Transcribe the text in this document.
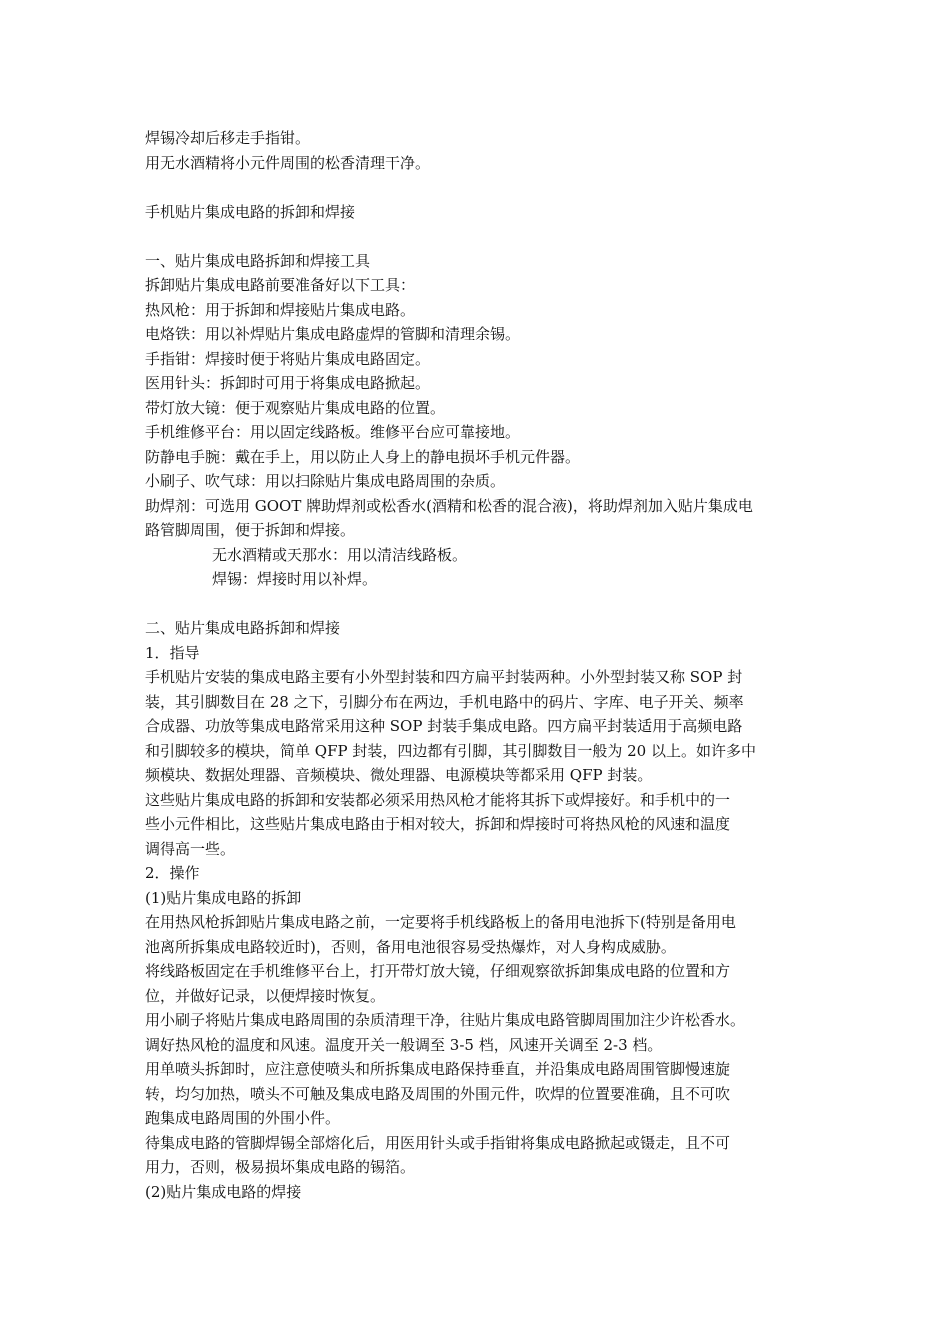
焊锡冷却后移走手指钳。
用无水酒精将小元件周围的松香清理干净。
手机贴片集成电路的拆卸和焊接
一、贴片集成电路拆卸和焊接工具
拆卸贴片集成电路前要准备好以下工具：
热风枪：用于拆卸和焊接贴片集成电路。
电烙铁：用以补焊贴片集成电路虚焊的管脚和清理余锡。
手指钳：焊接时便于将贴片集成电路固定。
医用针头：拆卸时可用于将集成电路掀起。
带灯放大镜：便于观察贴片集成电路的位置。
手机维修平台：用以固定线路板。维修平台应可靠接地。
防静电手腕：戴在手上，用以防止人身上的静电损坏手机元件器。
小刷子、吹气球：用以扫除贴片集成电路周围的杂质。
助焊剂：可选用 GOOT 牌助焊剂或松香水(酒精和松香的混合液)，将助焊剂加入贴片集成电
路管脚周围，便于拆卸和焊接。
无水酒精或天那水：用以清洁线路板。
焊锡：焊接时用以补焊。
二、贴片集成电路拆卸和焊接
1．指导
手机贴片安装的集成电路主要有小外型封装和四方扁平封装两种。小外型封装又称 SOP 封
装，其引脚数目在 28 之下，引脚分布在两边，手机电路中的码片、字库、电子开关、频率
合成器、功放等集成电路常采用这种 SOP 封装手集成电路。四方扁平封装适用于高频电路
和引脚较多的模块，简单 QFP 封装，四边都有引脚，其引脚数目一般为 20 以上。如许多中
频模块、数据处理器、音频模块、微处理器、电源模块等都采用 QFP 封装。
这些贴片集成电路的拆卸和安装都必须采用热风枪才能将其拆下或焊接好。和手机中的一
些小元件相比，这些贴片集成电路由于相对较大，拆卸和焊接时可将热风枪的风速和温度
调得高一些。
2．操作
(1)贴片集成电路的拆卸
在用热风枪拆卸贴片集成电路之前，一定要将手机线路板上的备用电池拆下(特别是备用电
池离所拆集成电路较近时)，否则，备用电池很容易受热爆炸，对人身构成威胁。
将线路板固定在手机维修平台上，打开带灯放大镜，仔细观察欲拆卸集成电路的位置和方
位，并做好记录，以便焊接时恢复。
用小刷子将贴片集成电路周围的杂质清理干净，往贴片集成电路管脚周围加注少许松香水。
调好热风枪的温度和风速。温度开关一般调至 3-5 档，风速开关调至 2-3 档。
用单喷头拆卸时，应注意使喷头和所拆集成电路保持垂直，并沿集成电路周围管脚慢速旋
转，均匀加热，喷头不可触及集成电路及周围的外围元件，吹焊的位置要准确，且不可吹
跑集成电路周围的外围小件。
待集成电路的管脚焊锡全部熔化后，用医用针头或手指钳将集成电路掀起或镊走，且不可
用力，否则，极易损坏集成电路的锡箔。
(2)贴片集成电路的焊接
